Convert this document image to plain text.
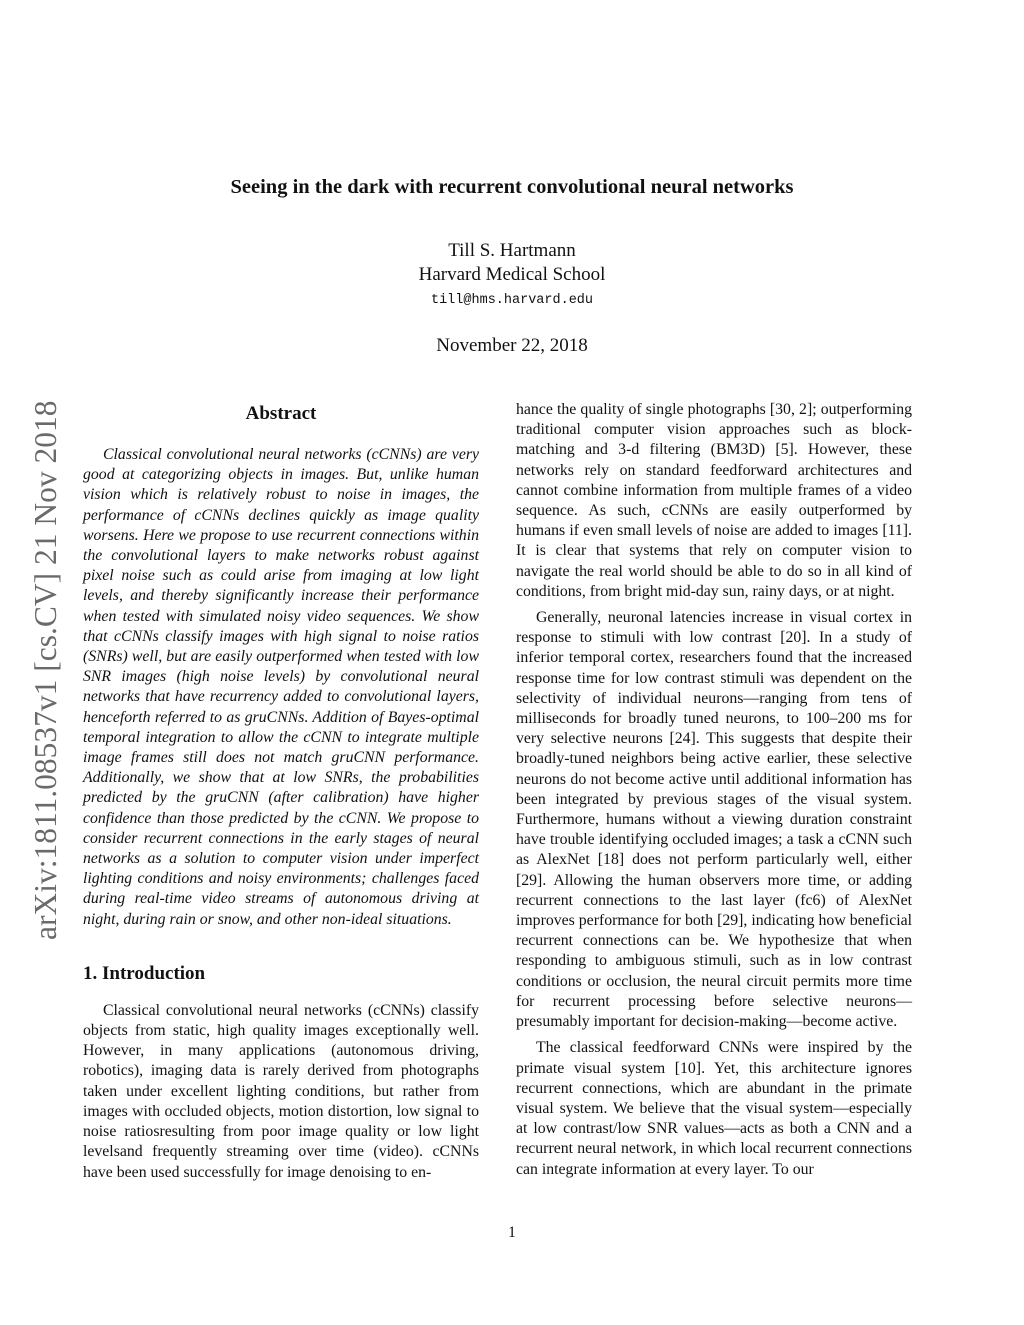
Seeing in the dark with recurrent convolutional neural networks
Till S. Hartmann
Harvard Medical School
till@hms.harvard.edu
November 22, 2018
arXiv:1811.08537v1 [cs.CV] 21 Nov 2018	Abstract

Classical convolutional neural networks (cCNNs) are very good at categorizing objects in images. But, unlike human vision which is relatively robust to noise in images, the performance of cCNNs declines quickly as image quality worsens. Here we propose to use recurrent connections within the convolutional layers to make networks robust against pixel noise such as could arise from imaging at low light levels, and thereby significantly increase their performance when tested with simulated noisy video sequences. We show that cCNNs classify images with high signal to noise ratios (SNRs) well, but are easily outperformed when tested with low SNR images (high noise levels) by convolutional neural networks that have recurrency added to convolutional layers, henceforth referred to as gruCNNs. Addition of Bayes-optimal temporal integration to allow the cCNN to integrate multiple image frames still does not match gruCNN performance. Additionally, we show that at low SNRs, the probabilities predicted by the gruCNN (after calibration) have higher confidence than those predicted by the cCNN. We propose to consider recurrent connections in the early stages of neural networks as a solution to computer vision under imperfect lighting conditions and noisy environments; challenges faced during real-time video streams of autonomous driving at night, during rain or snow, and other non-ideal situations.

1. Introduction

Classical convolutional neural networks (cCNNs) classify objects from static, high quality images exceptionally well. However, in many applications (autonomous driving, robotics), imaging data is rarely derived from photographs taken under excellent lighting conditions, but rather from images with occluded objects, motion distortion, low signal to noise ratiosresulting from poor image quality or low light levelsand frequently streaming over time (video). cCNNs have been used successfully for image denoising to en-

hance the quality of single photographs [30, 2]; outperforming traditional computer vision approaches such as block-matching and 3-d filtering (BM3D) [5]. However, these networks rely on standard feedforward architectures and cannot combine information from multiple frames of a video sequence. As such, cCNNs are easily outperformed by humans if even small levels of noise are added to images [11]. It is clear that systems that rely on computer vision to navigate the real world should be able to do so in all kind of conditions, from bright mid-day sun, rainy days, or at night.

Generally, neuronal latencies increase in visual cortex in response to stimuli with low contrast [20]. In a study of inferior temporal cortex, researchers found that the increased response time for low contrast stimuli was dependent on the selectivity of individual neurons—ranging from tens of milliseconds for broadly tuned neurons, to 100–200 ms for very selective neurons [24]. This suggests that despite their broadly-tuned neighbors being active earlier, these selective neurons do not become active until additional information has been integrated by previous stages of the visual system. Furthermore, humans without a viewing duration constraint have trouble identifying occluded images; a task a cCNN such as AlexNet [18] does not perform particularly well, either [29]. Allowing the human observers more time, or adding recurrent connections to the last layer (fc6) of AlexNet improves performance for both [29], indicating how beneficial recurrent connections can be. We hypothesize that when responding to ambiguous stimuli, such as in low contrast conditions or occlusion, the neural circuit permits more time for recurrent processing before selective neurons—presumably important for decision-making—become active.

The classical feedforward CNNs were inspired by the primate visual system [10]. Yet, this architecture ignores recurrent connections, which are abundant in the primate visual system. We believe that the visual system—especially at low contrast/low SNR values—acts as both a CNN and a recurrent neural network, in which local recurrent connections can integrate information at every layer. To our

1
